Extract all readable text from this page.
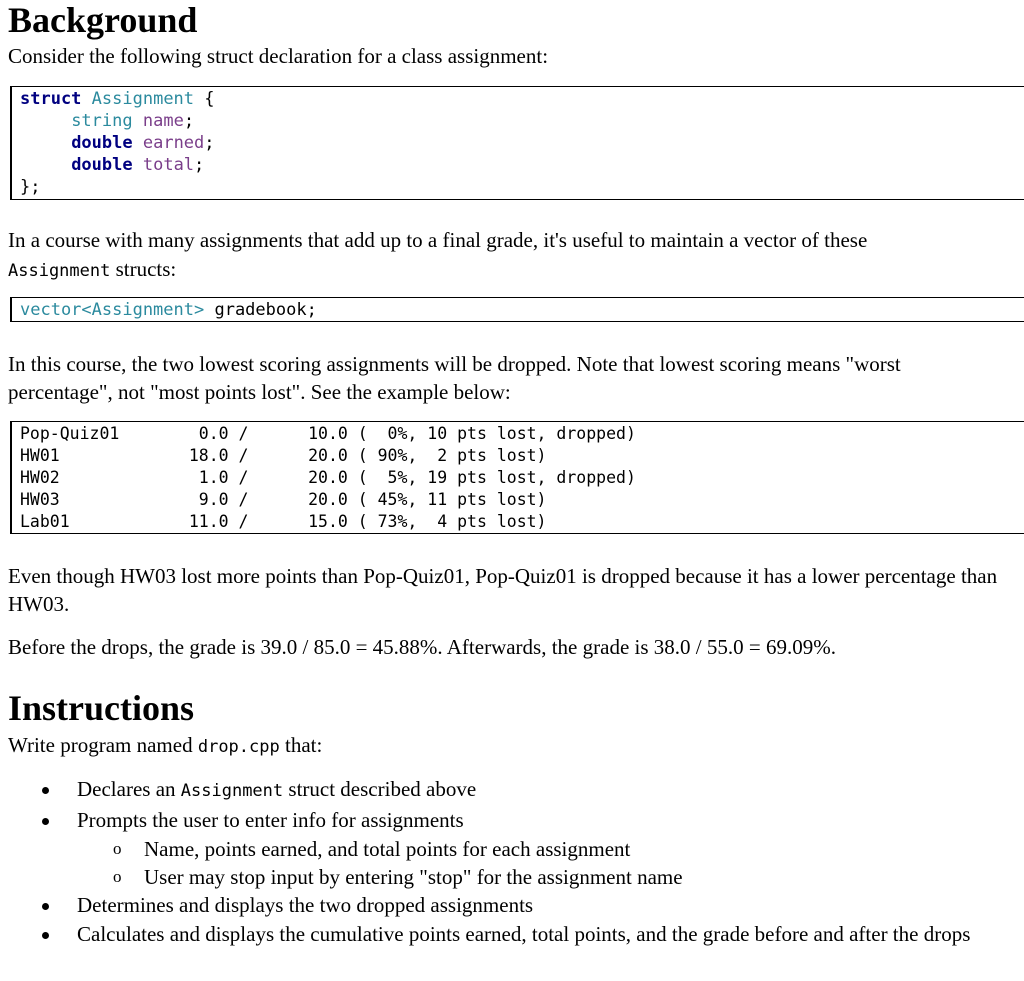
Background

Consider the following struct declaration for a class assignment:

struct Assignment {
string name;
double earned;
double total;
};

In a course with many assignments that add up to a final grade, it's useful to maintain a vector of these
Assignment structs:

vector<Assignment> gradebook;

In this course, the two lowest scoring assignments will be dropped. Note that lowest scoring means "worst percentage", not "most points lost". See the example below:

Pop-Quiz01        0.0 /      10.0 (  0%, 10 pts lost, dropped)
HW01             18.0 /      20.0 ( 90%,  2 pts lost)
HW02              1.0 /      20.0 (  5%, 19 pts lost, dropped)
HW03              9.0 /      20.0 ( 45%, 11 pts lost)
Lab01            11.0 /      15.0 ( 73%,  4 pts lost)

Even though HW03 lost more points than Pop-Quiz01, Pop-Quiz01 is dropped because it has a lower percentage than HW03.

Before the drops, the grade is 39.0 / 85.0 = 45.88%. Afterwards, the grade is 38.0 / 55.0 = 69.09%.

Instructions

Write program named drop.cpp that:

Declares an Assignment struct described above
Prompts the user to enter info for assignments
o Name, points earned, and total points for each assignment
o User may stop input by entering "stop" for the assignment name
Determines and displays the two dropped assignments
Calculates and displays the cumulative points earned, total points, and the grade before and after the drops
